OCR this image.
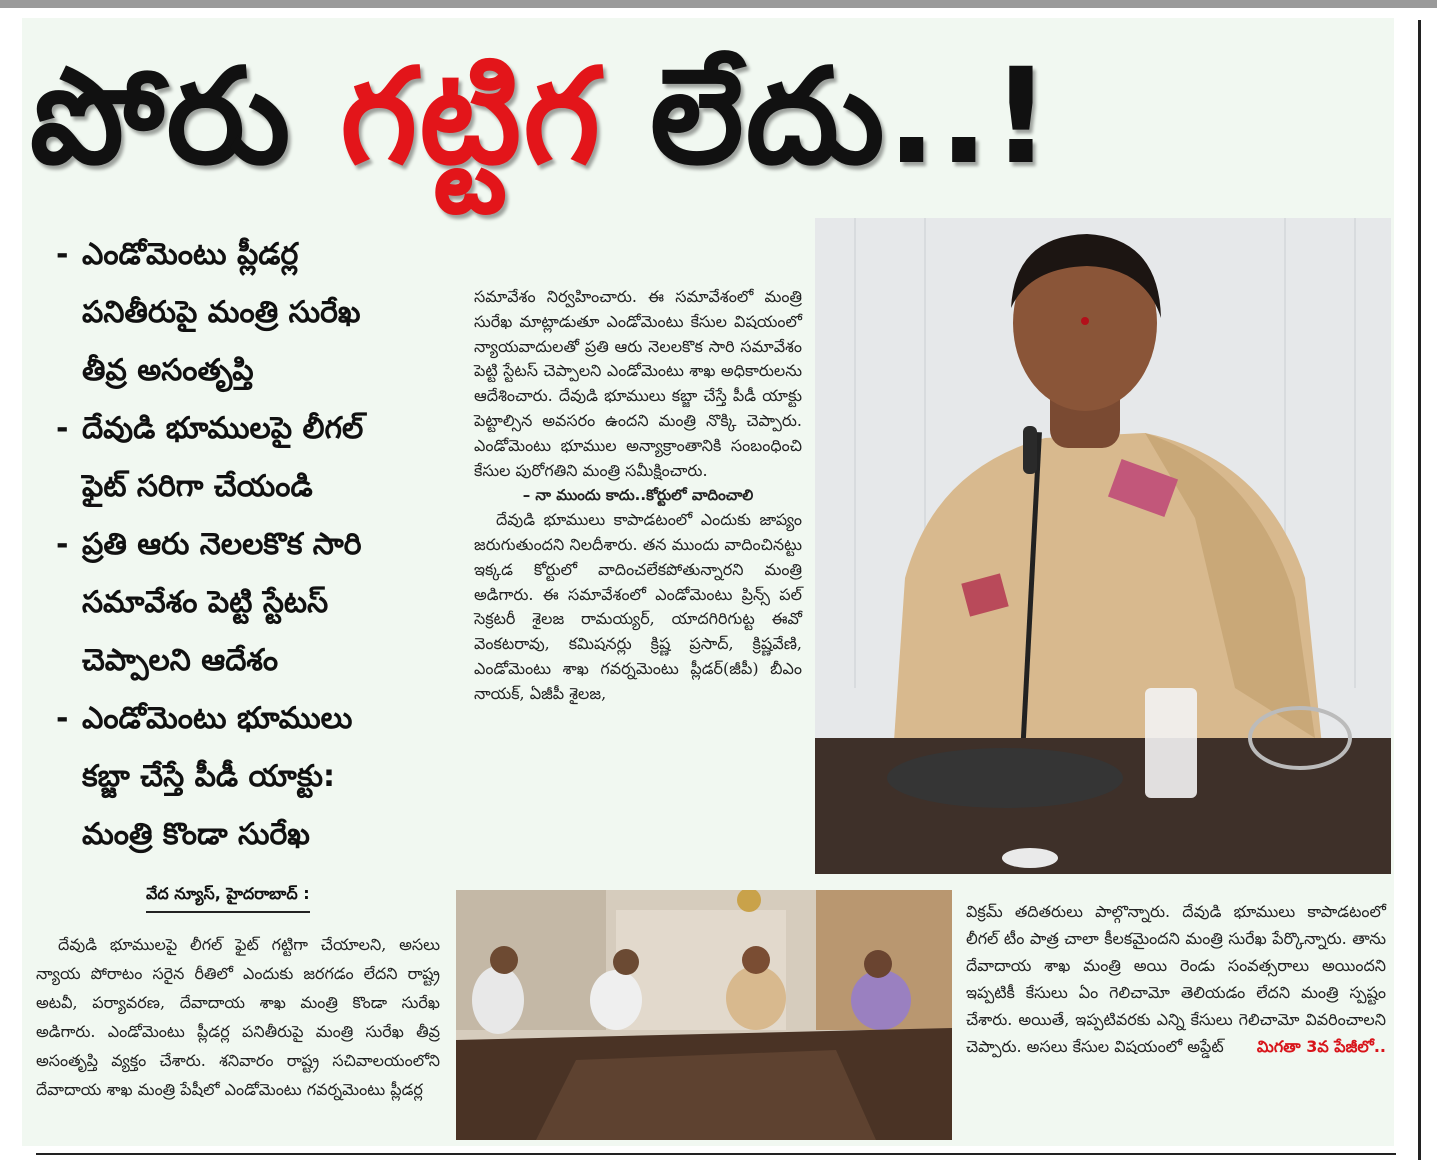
పోరు గట్టిగ లేదు..!
- ఎండోమెంటు ప్లీడర్ల
పనితీరుపై మంత్రి సురేఖ
తీవ్ర అసంతృప్తి
- దేవుడి భూములపై లీగల్
ఫైట్ సరిగా చేయండి
- ప్రతి ఆరు నెలలకొక సారి
సమావేశం పెట్టి స్టేటస్
చెప్పాలని ఆదేశం
- ఎండోమెంటు భూములు
కబ్జా చేస్తే పీడీ యాక్టు:
మంత్రి కొండా సురేఖ

సమావేశం నిర్వహించారు. ఈ సమావేశంలో మంత్రి సురేఖ మాట్లాడుతూ ఎండోమెంటు కేసుల విషయంలో న్యాయవాదులతో ప్రతి ఆరు నెలలకొక సారి సమావేశం పెట్టి స్టేటస్ చెప్పాలని ఎండోమెంటు శాఖ అధికారులను ఆదేశించారు. దేవుడి భూములు కబ్జా చేస్తే పీడీ యాక్టు పెట్టాల్సిన అవసరం ఉందని మంత్రి నొక్కి చెప్పారు. ఎండోమెంటు భూముల అన్యాక్రాంతానికి సంబంధించి కేసుల పురోగతిని మంత్రి సమీక్షించారు.

– నా ముందు కాదు..కోర్టులో వాదించాలి

దేవుడి భూములు కాపాడటంలో ఎందుకు జాప్యం జరుగుతుందని నిలదీశారు. తన ముందు వాదించినట్టు ఇక్కడ కోర్టులో వాదించలేకపోతున్నారని మంత్రి అడిగారు. ఈ సమావేశంలో ఎండోమెంటు ప్రిన్స్ పల్ సెక్రటరీ శైలజ రామయ్యర్, యాదగిరిగుట్ట ఈవో వెంకటరావు, కమిషనర్లు క్రిష్ణ ప్రసాద్, క్రిష్ణవేణి, ఎండోమెంటు శాఖ గవర్నమెంటు ప్లీడర్(జీపీ) బీఎం నాయక్, ఏజీపీ శైలజ,

వేద న్యూస్, హైదరాబాద్ :

దేవుడి భూములపై లీగల్ ఫైట్ గట్టిగా చేయాలని, అసలు న్యాయ పోరాటం సరైన రీతిలో ఎందుకు జరగడం లేదని రాష్ట్ర అటవీ, పర్యావరణ, దేవాదాయ శాఖ మంత్రి కొండా సురేఖ అడిగారు. ఎండోమెంటు ప్లీడర్ల పనితీరుపై మంత్రి సురేఖ తీవ్ర అసంతృప్తి వ్యక్తం చేశారు. శనివారం రాష్ట్ర సచివాలయంలోని దేవాదాయ శాఖ మంత్రి పేషీలో ఎండోమెంటు గవర్నమెంటు ప్లీడర్ల

విక్రమ్ తదితరులు పాల్గొన్నారు. దేవుడి భూములు కాపాడటంలో లీగల్ టీం పాత్ర చాలా కీలకమైందని మంత్రి సురేఖ పేర్కొన్నారు. తాను దేవాదాయ శాఖ మంత్రి అయి రెండు సంవత్సరాలు అయిందని ఇప్పటికీ కేసులు ఏం గెలిచామో తెలియడం లేదని మంత్రి స్పష్టం చేశారు. అయితే, ఇప్పటివరకు ఎన్ని కేసులు గెలిచామో వివరించాలని చెప్పారు. అసలు కేసుల విషయంలో అప్డేట్ మిగతా 3వ పేజీలో..
